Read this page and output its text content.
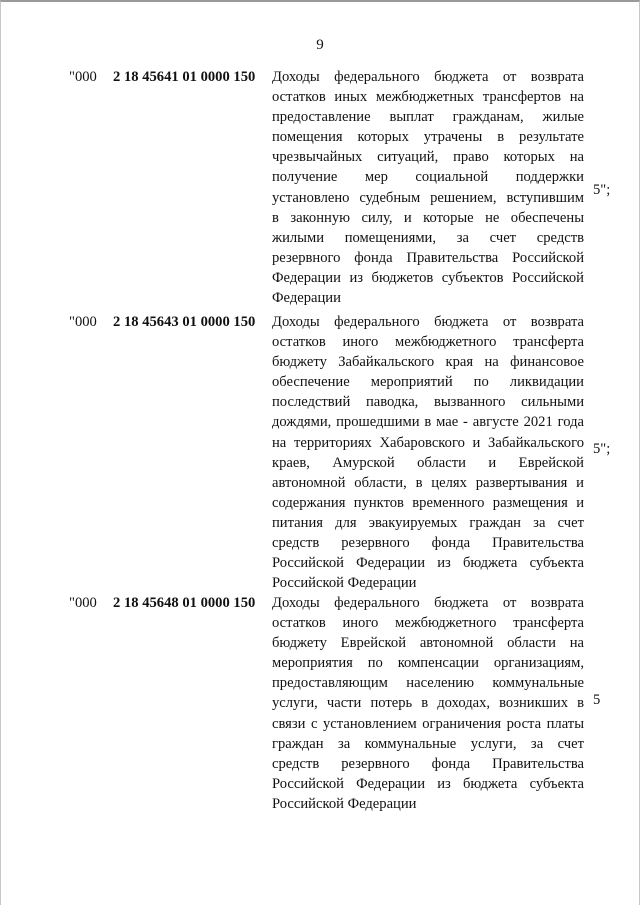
9
"000 2 18 45641 01 0000 150 Доходы федерального бюджета от возврата
остатков иных межбюджетных трансфертов на
предоставление выплат гражданам, жилые
помещения которых утрачены в результате
чрезвычайных ситуаций, право которых на
получение мер социальной поддержки
установлено судебным решением, вступившим
в законную силу, и которые не обеспечены
жилыми помещениями, за счет средств
резервного фонда Правительства Российской
Федерации из бюджетов субъектов Российской
Федерации
5";
"000 2 18 45643 01 0000 150 Доходы федерального бюджета от возврата
остатков иного межбюджетного трансферта
бюджету Забайкальского края на финансовое
обеспечение мероприятий по ликвидации
последствий паводка, вызванного сильными
дождями, прошедшими в мае - августе 2021 года
на территориях Хабаровского и Забайкальского
краев, Амурской области и Еврейской
автономной области, в целях развертывания и
содержания пунктов временного размещения и
питания для эвакуируемых граждан за счет
средств резервного фонда Правительства
Российской Федерации из бюджета субъекта
Российской Федерации
5";
"000 2 18 45648 01 0000 150 Доходы федерального бюджета от возврата
остатков иного межбюджетного трансферта
бюджету Еврейской автономной области на
мероприятия по компенсации организациям,
предоставляющим населению коммунальные
услуги, части потерь в доходах, возникших в
связи с установлением ограничения роста платы
граждан за коммунальные услуги, за счет
средств резервного фонда Правительства
Российской Федерации из бюджета субъекта
Российской Федерации
5
